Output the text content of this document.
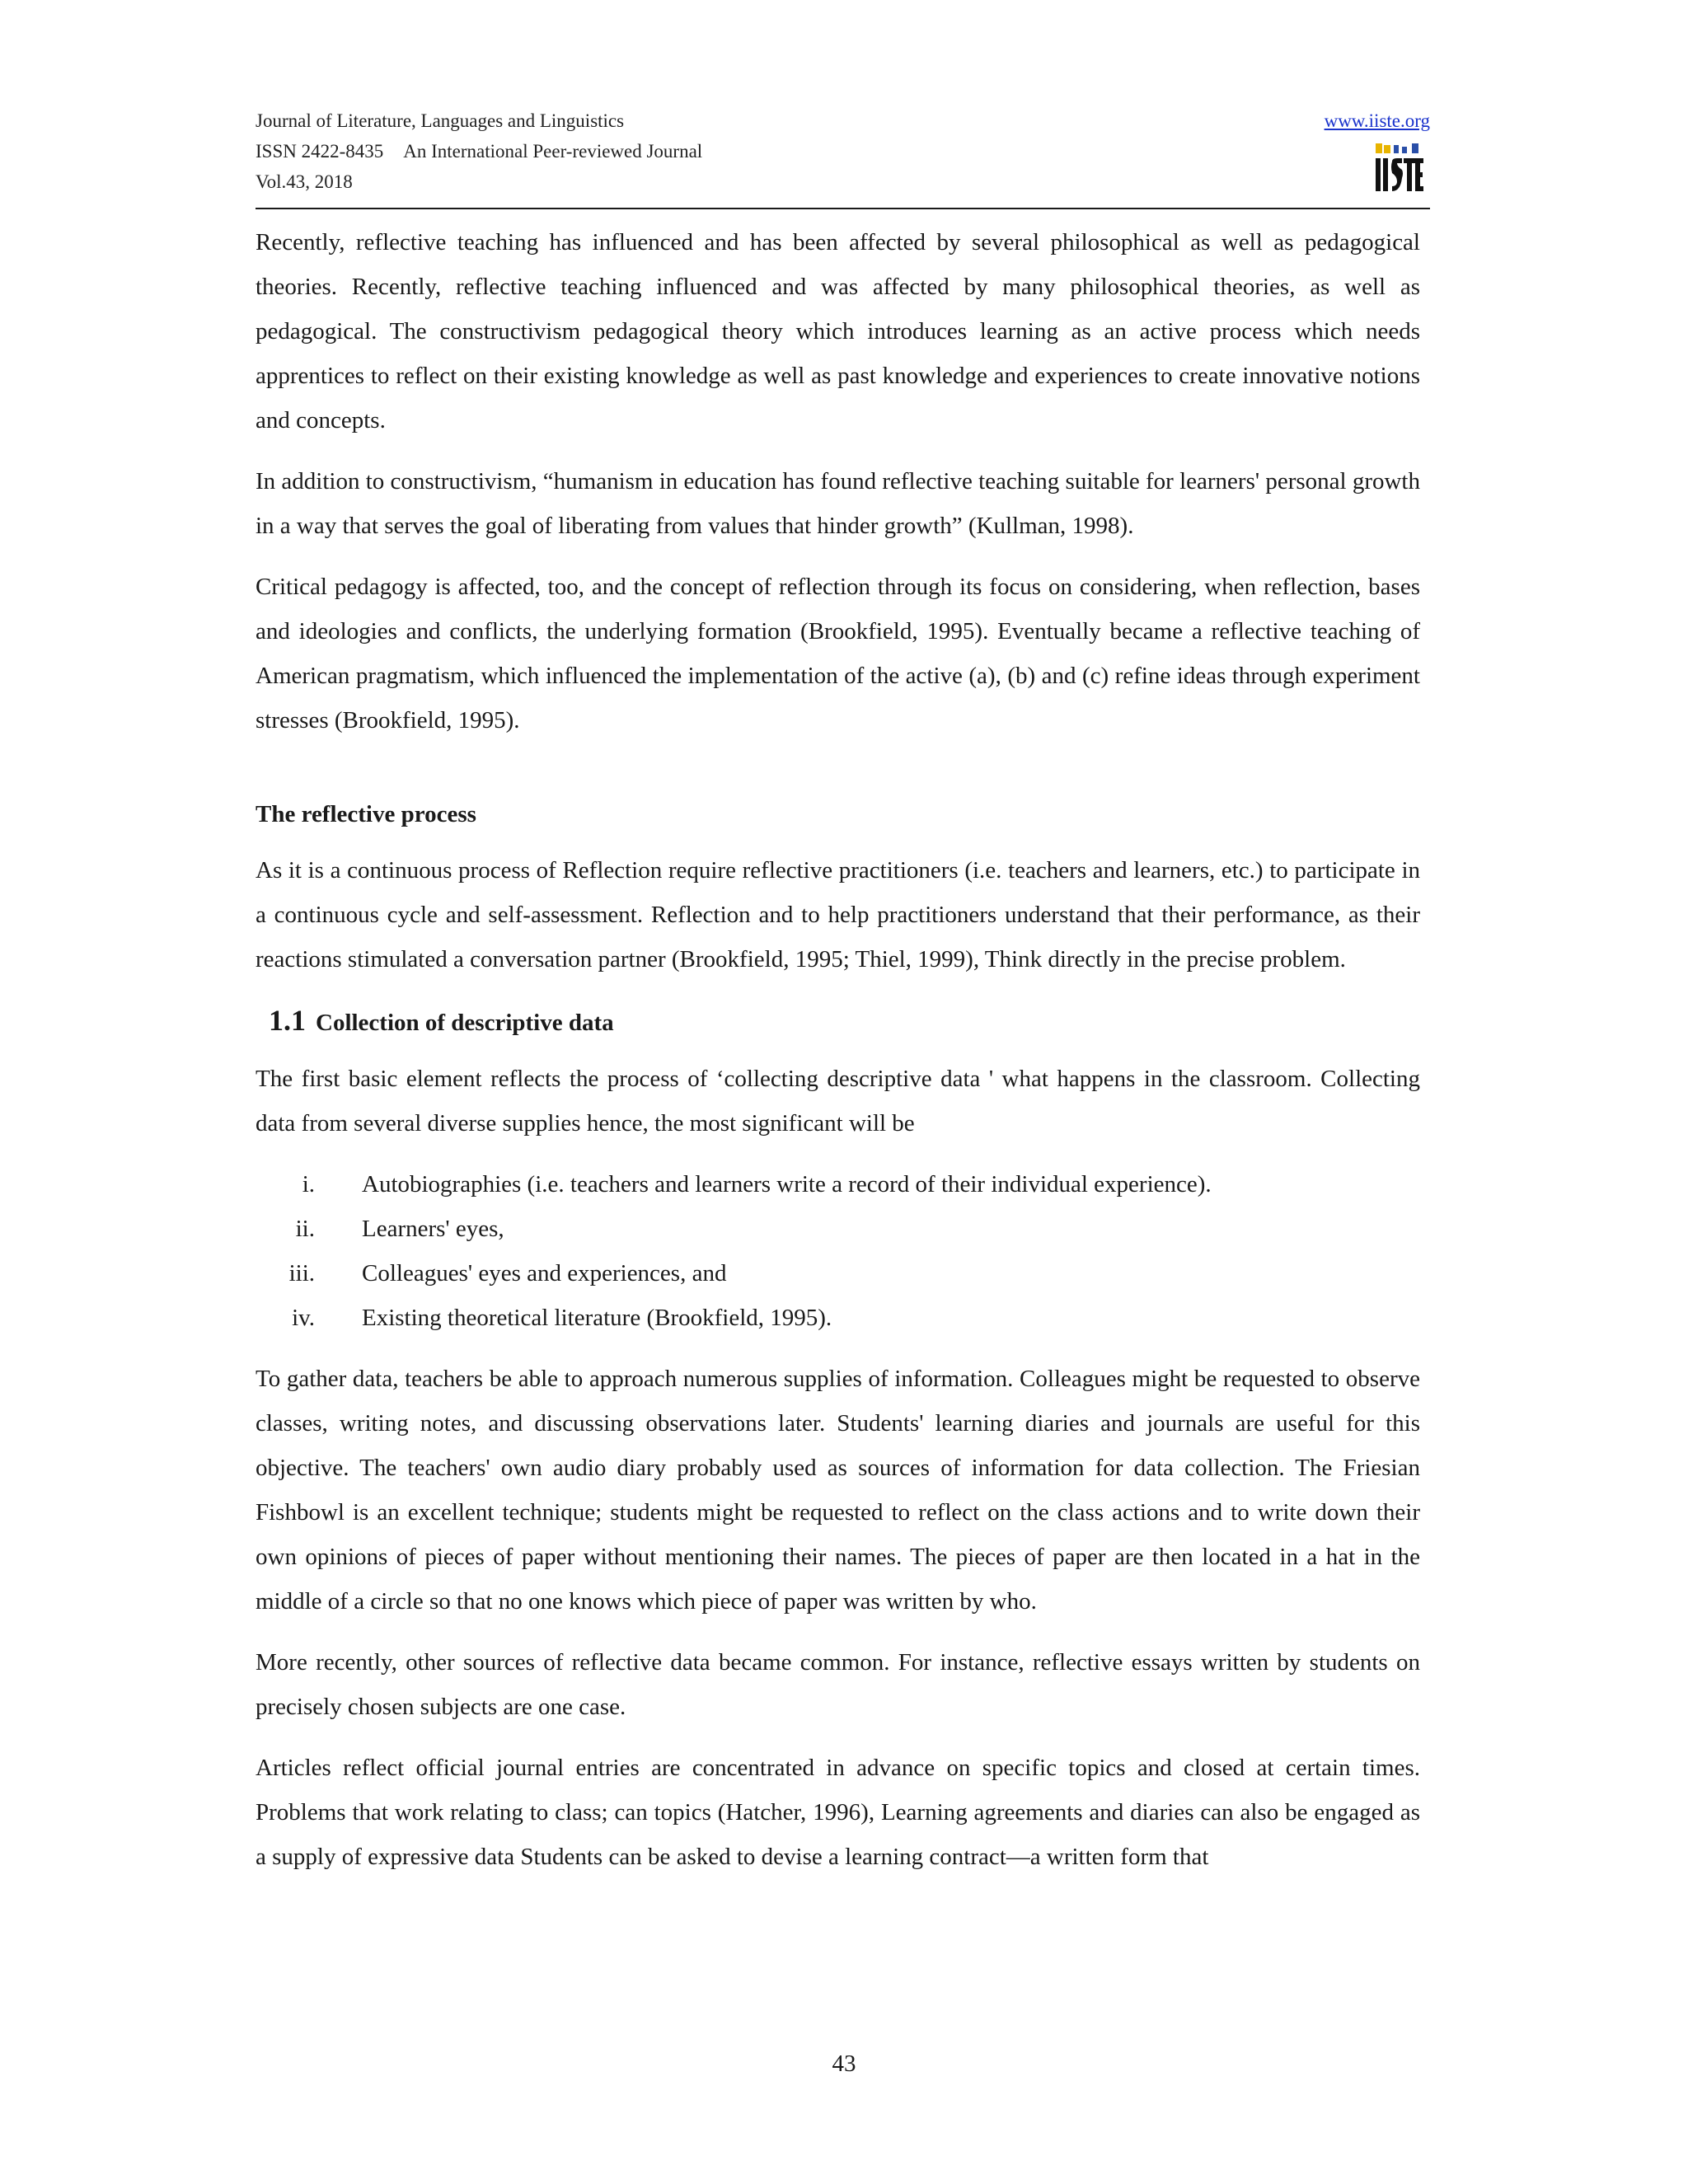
Journal of Literature, Languages and Linguistics
ISSN 2422-8435 An International Peer-reviewed Journal
Vol.43, 2018
www.iiste.org

Recently, reflective teaching has influenced and has been affected by several philosophical as well as pedagogical theories. Recently, reflective teaching influenced and was affected by many philosophical theories, as well as pedagogical. The constructivism pedagogical theory which introduces learning as an active process which needs apprentices to reflect on their existing knowledge as well as past knowledge and experiences to create innovative notions and concepts.

In addition to constructivism, “humanism in education has found reflective teaching suitable for learners' personal growth in a way that serves the goal of liberating from values that hinder growth” (Kullman, 1998).

Critical pedagogy is affected, too, and the concept of reflection through its focus on considering, when reflection, bases and ideologies and conflicts, the underlying formation (Brookfield, 1995). Eventually became a reflective teaching of American pragmatism, which influenced the implementation of the active (a), (b) and (c) refine ideas through experiment stresses (Brookfield, 1995).

The reflective process

As it is a continuous process of Reflection require reflective practitioners (i.e. teachers and learners, etc.) to participate in a continuous cycle and self-assessment. Reflection and to help practitioners understand that their performance, as their reactions stimulated a conversation partner (Brookfield, 1995; Thiel, 1999), Think directly in the precise problem.

1.1 Collection of descriptive data

The first basic element reflects the process of ‘collecting descriptive data ' what happens in the classroom. Collecting data from several diverse supplies hence, the most significant will be

i. Autobiographies (i.e. teachers and learners write a record of their individual experience).
ii. Learners' eyes,
iii. Colleagues' eyes and experiences, and
iv. Existing theoretical literature (Brookfield, 1995).

To gather data, teachers be able to approach numerous supplies of information. Colleagues might be requested to observe classes, writing notes, and discussing observations later. Students' learning diaries and journals are useful for this objective. The teachers' own audio diary probably used as sources of information for data collection. The Friesian Fishbowl is an excellent technique; students might be requested to reflect on the class actions and to write down their own opinions of pieces of paper without mentioning their names. The pieces of paper are then located in a hat in the middle of a circle so that no one knows which piece of paper was written by who.

More recently, other sources of reflective data became common. For instance, reflective essays written by students on precisely chosen subjects are one case.

Articles reflect official journal entries are concentrated in advance on specific topics and closed at certain times. Problems that work relating to class; can topics (Hatcher, 1996), Learning agreements and diaries can also be engaged as a supply of expressive data Students can be asked to devise a learning contract—a written form that

43
